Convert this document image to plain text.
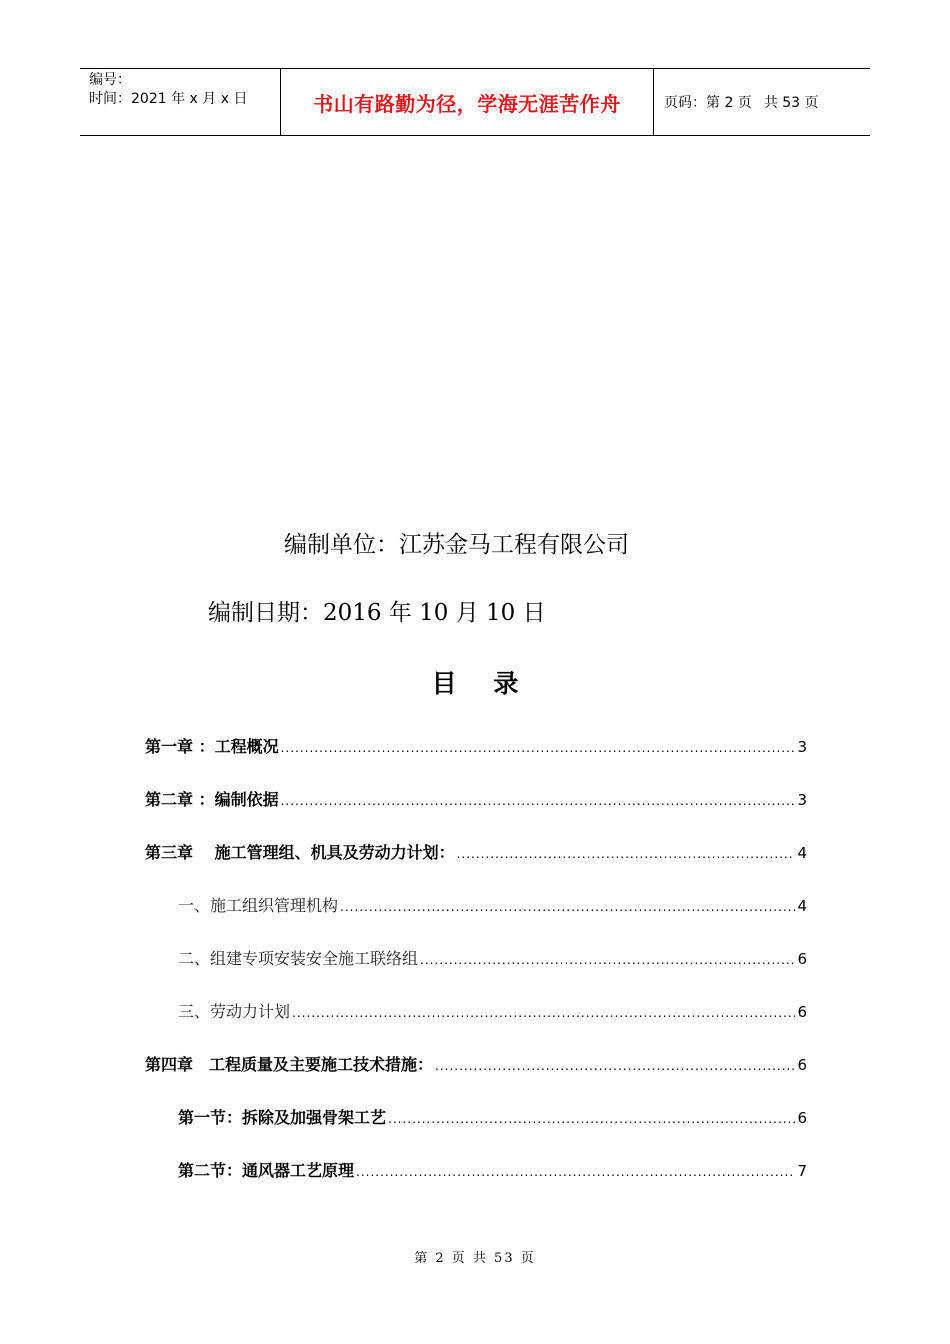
编号：
时间：2021 年 x 月 x 日	书山有路勤为径，学海无涯苦作舟	页码：第 2 页 共 53 页
编制单位：江苏金马工程有限公司
编制日期：2016 年 10 月 10 日
目 录
第一章 ：工程概况 .....	3
第二章 ：编制依据 .....	3
第三章　 施工管理组、机具及劳动力计划： .....	4
一、施工组织管理机构 .....	4
二、组建专项安装安全施工联络组 .....	6
三、劳动力计划 .....	6
第四章　工程质量及主要施工技术措施： .....	6
第一节：拆除及加强骨架工艺 .....	6
第二节：通风器工艺原理 .....	7
第 2 页 共 53 页
